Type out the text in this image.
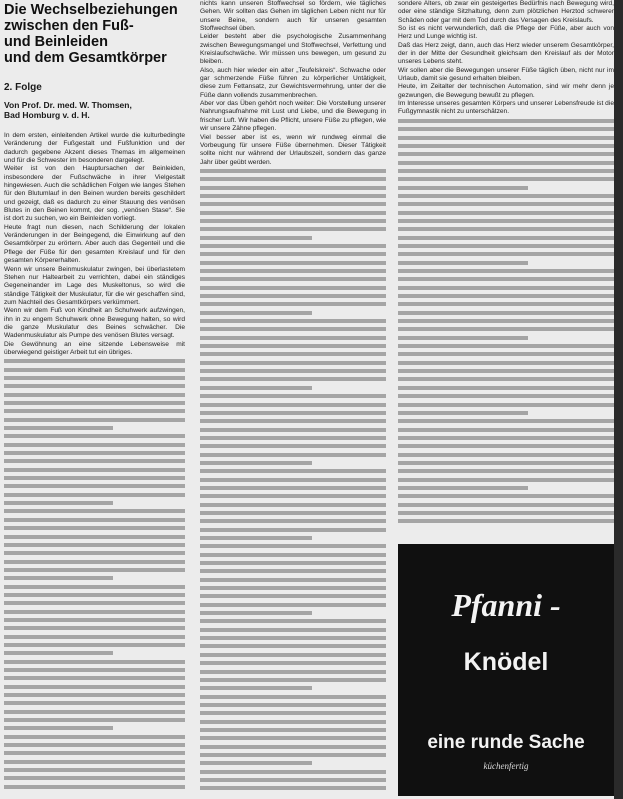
Die Wechselbeziehungen
zwischen den Fuß-
und Beinleiden
und dem Gesamtkörper
2. Folge
Von Prof. Dr. med. W. Thomsen,
Bad Homburg v. d. H.

In dem ersten, einleitenden Artikel wurde die kulturbedingte Veränderung der Fußgestalt und Fußfunktion und der dadurch gegebene Akzent dieses Themas im allgemeinen und für die Schwester im besonderen dargelegt.

Weiter ist von den Hauptursachen der Beinleiden, insbesondere der Fußschwäche in ihrer Vielgestalt hingewiesen. Auch die schädlichen Folgen wie langes Stehen für den Blutumlauf in den Beinen wurden bereits geschildert und gezeigt, daß es dadurch zu einer Stauung des venösen Blutes in den Beinen kommt, der sog. „venösen Stase“. Sie ist dort zu suchen, wo ein Beinleiden vorliegt.

Heute fragt nun diesen, nach Schilderung der lokalen Veränderungen in der Beingegend, die Einwirkung auf den Gesamtkörper zu erörtern. Aber auch das Gegenteil und die Pflege der Füße für den gesamten Kreislauf und für den gesamten Körpererhalten.

Wenn wir unsere Beinmuskulatur zwingen, bei überlastetem Stehen nur Haltearbeit zu verrichten, dabei ein ständiges Gegeneinander im Lage des Muskeltonus, so wird die ständige Tätigkeit der Muskulatur, für die wir geschaffen sind, zum Nachteil des Gesamtkörpers verkümmert.

Wenn wir dem Fuß von Kindheit an Schuhwerk aufzwingen, ihn in zu engem Schuhwerk ohne Bewegung halten, so wird die ganze Muskulatur des Beines schwächer. Die Wadenmuskulatur als Pumpe des venösen Blutes versagt.

Die Gewöhnung an eine sitzende Lebensweise mit überwiegend geistiger Arbeit tut ein übriges.

nichts kann unseren Stoffwechsel so fördern, wie tägliches Gehen. Wir sollten das Gehen im täglichen Leben nicht nur für unsere Beine, sondern auch für unseren gesamten Stoffwechsel üben.

Leider besteht aber die psychologische Zusammenhang zwischen Bewegungsmangel und Stoffwechsel, Verfettung und Kreislaufschwäche. Wir müssen uns bewegen, um gesund zu bleiben.

Also, auch hier wieder ein alter „Teufelskreis“. Schwache oder gar schmerzende Füße führen zu körperlicher Untätigkeit, diese zum Fettansatz, zur Gewichtsvermehrung, unter der die Füße dann vollends zusammenbrechen.

Aber vor das Üben gehört noch weiter: Die Vorstellung unserer Nahrungsaufnahme mit Lust und Liebe, und die Bewegung in frischer Luft. Wir haben die Pflicht, unsere Füße zu pflegen, wie wir unsere Zähne pflegen.

Viel besser aber ist es, wenn wir rundweg einmal die Vorbeugung für unsere Füße übernehmen. Dieser Tätigkeit sollte nicht nur während der Urlaubszeit, sondern das ganze Jahr über geübt werden.

sondere Alters, ob zwar ein gesteigertes Bedürfnis nach Bewegung wird, oder eine ständige Sitzhaltung, denn zum plötzlichen Herztod schwerer Schäden oder gar mit dem Tod durch das Versagen des Kreislaufs.

So ist es nicht verwunderlich, daß die Pflege der Füße, aber auch von Herz und Lunge wichtig ist.

Daß das Herz zeigt, dann, auch das Herz wieder unserem Gesamtkörper, der in der Mitte der Gesundheit gleichsam den Kreislauf als der Motor unseres Lebens steht.

Wir sollen aber die Bewegungen unserer Füße täglich üben, nicht nur im Urlaub, damit sie gesund erhalten bleiben.

Heute, im Zeitalter der technischen Automation, sind wir mehr denn je gezwungen, die Bewegung bewußt zu pflegen.

Im Interesse unseres gesamten Körpers und unserer Lebensfreude ist die Fußgymnastik nicht zu unterschätzen.

Pfanni -
Knödel
eine runde Sache
küchenfertig
